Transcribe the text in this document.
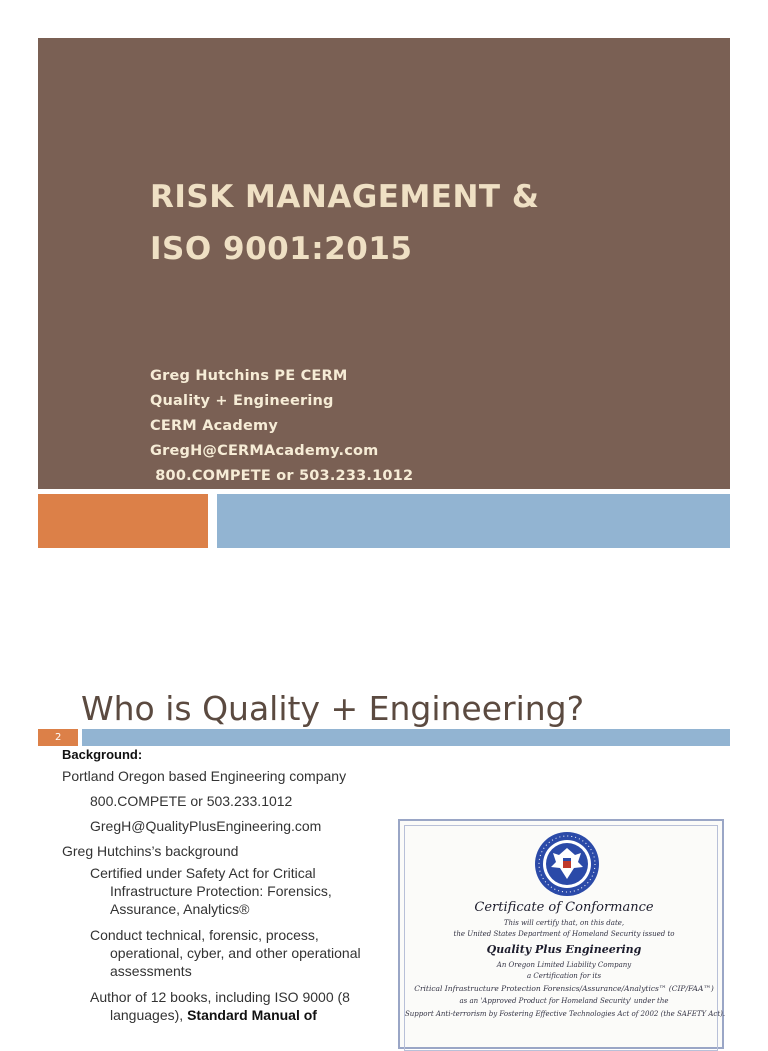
RISK MANAGEMENT &
ISO 9001:2015
Greg Hutchins PE CERM
Quality + Engineering
CERM Academy
GregH@CERMAcademy.com
800.COMPETE or 503.233.1012
Who is Quality + Engineering?
2
Background:
Portland Oregon based Engineering company
800.COMPETE or 503.233.1012
GregH@QualityPlusEngineering.com
Greg Hutchins’s background
Certified under Safety Act for Critical Infrastructure Protection: Forensics, Assurance, Analytics®
Conduct technical, forensic, process, operational, cyber, and other operational assessments
Author of 12 books, including ISO 9000 (8 languages), Standard Manual of

Certificate of Conformance

This will certify that, on this date,

the United States Department of Homeland Security issued to

Quality Plus Engineering

An Oregon Limited Liability Company

a Certification for its

Critical Infrastructure Protection Forensics/Assurance/Analytics™ (CIP/FAA™)

as an 'Approved Product for Homeland Security' under the

Support Anti-terrorism by Fostering Effective Technologies Act of 2002 (the SAFETY Act).
